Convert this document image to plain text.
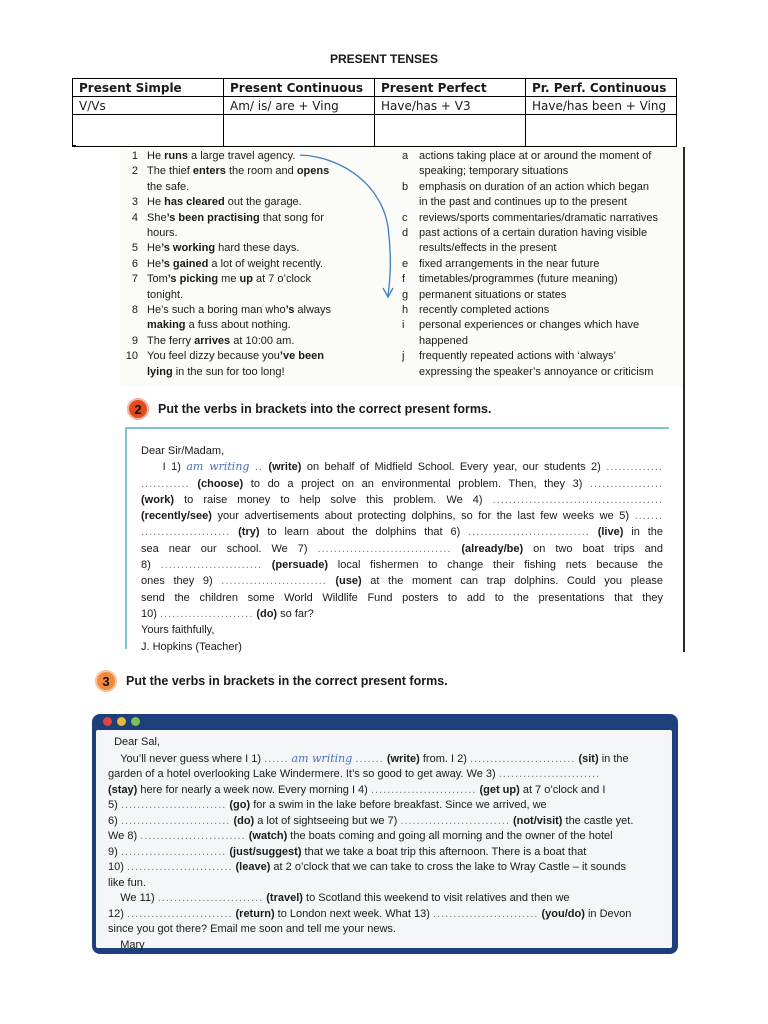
PRESENT TENSES
Present Simple	Present Continuous	Present Perfect	Pr. Perf. Continuous
V/Vs	Am/ is/ are + Ving	Have/has + V3	Have/has been + Ving

1 He runs a large travel agency.
2 The thief enters the room and opens
the safe.
3 He has cleared out the garage.
4 She’s been practising that song for
hours.
5 He’s working hard these days.
6 He’s gained a lot of weight recently.
7 Tom’s picking me up at 7 o’clock
tonight.
8 He’s such a boring man who’s always
making a fuss about nothing.
9 The ferry arrives at 10:00 am.
10 You feel dizzy because you’ve been
lying in the sun for too long!
a actions taking place at or around the moment of
speaking; temporary situations
b emphasis on duration of an action which began
in the past and continues up to the present
c reviews/sports commentaries/dramatic narratives
d past actions of a certain duration having visible
results/effects in the present
e fixed arrangements in the near future
f timetables/programmes (future meaning)
g permanent situations or states
h recently completed actions
i personal experiences or changes which have
happened
j frequently repeated actions with ‘always’
expressing the speaker’s annoyance or criticism
2	Put the verbs in brackets into the correct present forms.
Dear Sir/Madam,
I 1) am writing .. (write) on behalf of Midfield School. Every year, our students 2) ..............
............ (choose) to do a project on an environmental problem. Then, they 3) ..................
(work) to raise money to help solve this problem. We 4) ..........................................
(recently/see) your advertisements about protecting dolphins, so for the last few weeks we 5) .......
...................... (try) to learn about the dolphins that 6) .............................. (live) in the
sea near our school. We 7) ................................. (already/be) on two boat trips and
8) ......................... (persuade) local fishermen to change their fishing nets because the
ones they 9) .......................... (use) at the moment can trap dolphins. Could you please
send the children some World Wildlife Fund posters to add to the presentations that they
10) ....................... (do) so far?
Yours faithfully,
J. Hopkins (Teacher)
3	Put the verbs in brackets in the correct present forms.
Dear Sal,
You’ll never guess where I 1) ...... am writing ....... (write) from. I 2) .......................... (sit) in the
garden of a hotel overlooking Lake Windermere. It’s so good to get away. We 3) .........................
(stay) here for nearly a week now. Every morning I 4) .......................... (get up) at 7 o’clock and I
5) .......................... (go) for a swim in the lake before breakfast. Since we arrived, we
6) ........................... (do) a lot of sightseeing but we 7) ........................... (not/visit) the castle yet.
We 8) .......................... (watch) the boats coming and going all morning and the owner of the hotel
9) .......................... (just/suggest) that we take a boat trip this afternoon. There is a boat that
10) .......................... (leave) at 2 o’clock that we can take to cross the lake to Wray Castle – it sounds
like fun.
We 11) .......................... (travel) to Scotland this weekend to visit relatives and then we
12) .......................... (return) to London next week. What 13) .......................... (you/do) in Devon
since you got there? Email me soon and tell me your news.
Mary
